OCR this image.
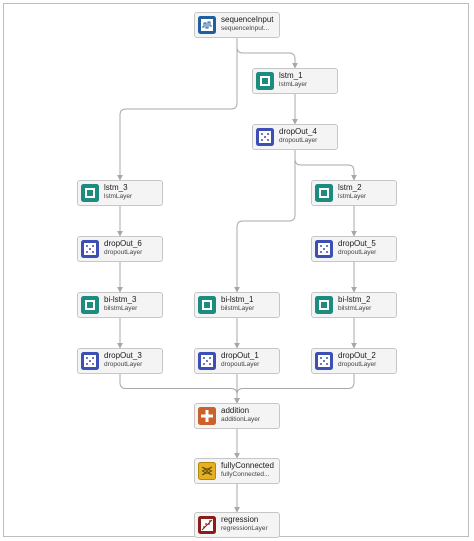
sequenceInput
sequenceInput...
lstm_1
lstmLayer
dropOut_4
dropoutLayer
lstm_3
lstmLayer
lstm_2
lstmLayer
dropOut_6
dropoutLayer
dropOut_5
dropoutLayer
bi-lstm_3
bilstmLayer
bi-lstm_1
bilstmLayer
bi-lstm_2
bilstmLayer
dropOut_3
dropoutLayer
dropOut_1
dropoutLayer
dropOut_2
dropoutLayer
addition
additionLayer
fullyConnected
fullyConnected...
regression
regressionLayer
